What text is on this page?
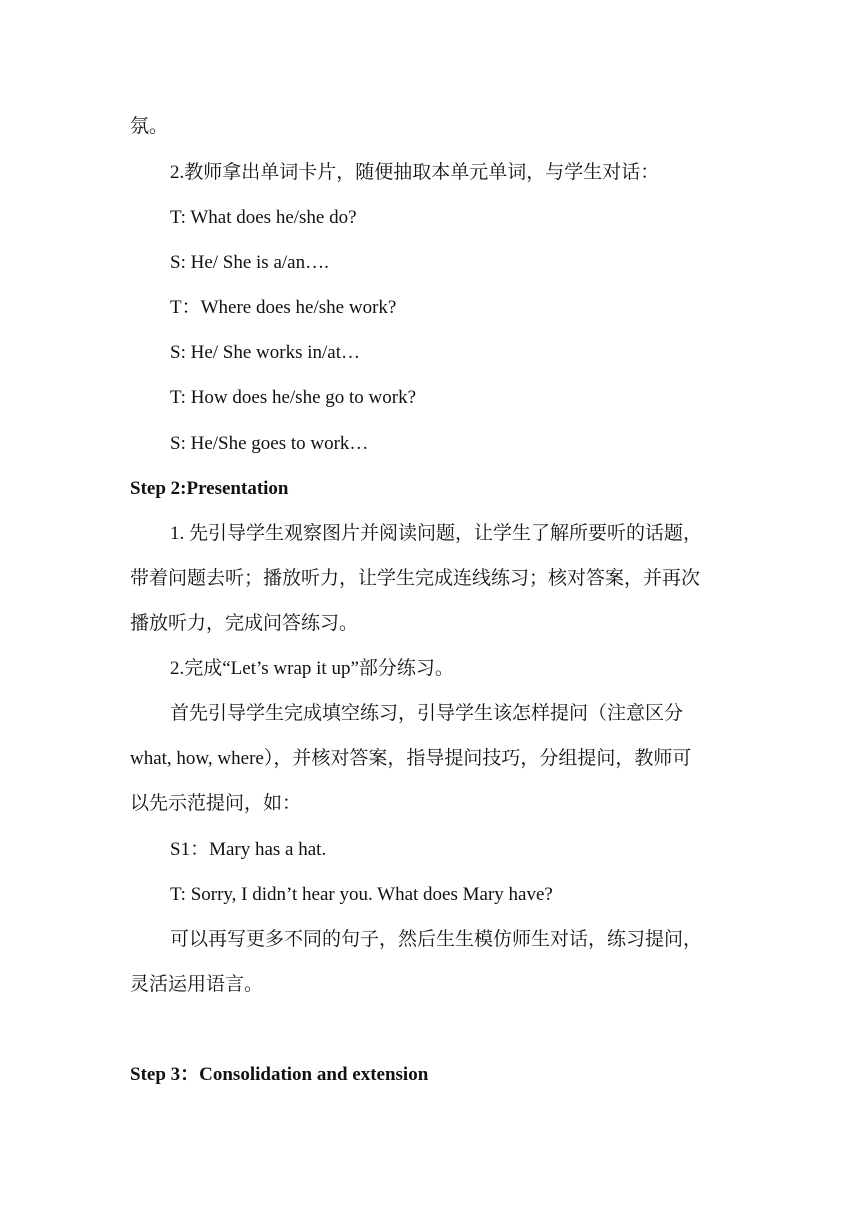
氛。

2.教师拿出单词卡片，随便抽取本单元单词，与学生对话：

T: What does he/she do?

S: He/ She is a/an….

T：Where does he/she work?

S: He/ She works in/at…

T: How does he/she go to work?

S: He/She goes to work…

Step 2:Presentation

1. 先引导学生观察图片并阅读问题，让学生了解所要听的话题，

带着问题去听；播放听力，让学生完成连线练习；核对答案，并再次

播放听力，完成问答练习。

2.完成“Let’s wrap it up”部分练习。

首先引导学生完成填空练习，引导学生该怎样提问（注意区分

what, how, where），并核对答案，指导提问技巧，分组提问，教师可

以先示范提问，如：

S1：Mary has a hat.

T: Sorry, I didn’t hear you. What does Mary have?

可以再写更多不同的句子，然后生生模仿师生对话，练习提问，

灵活运用语言。

Step 3：Consolidation and extension
